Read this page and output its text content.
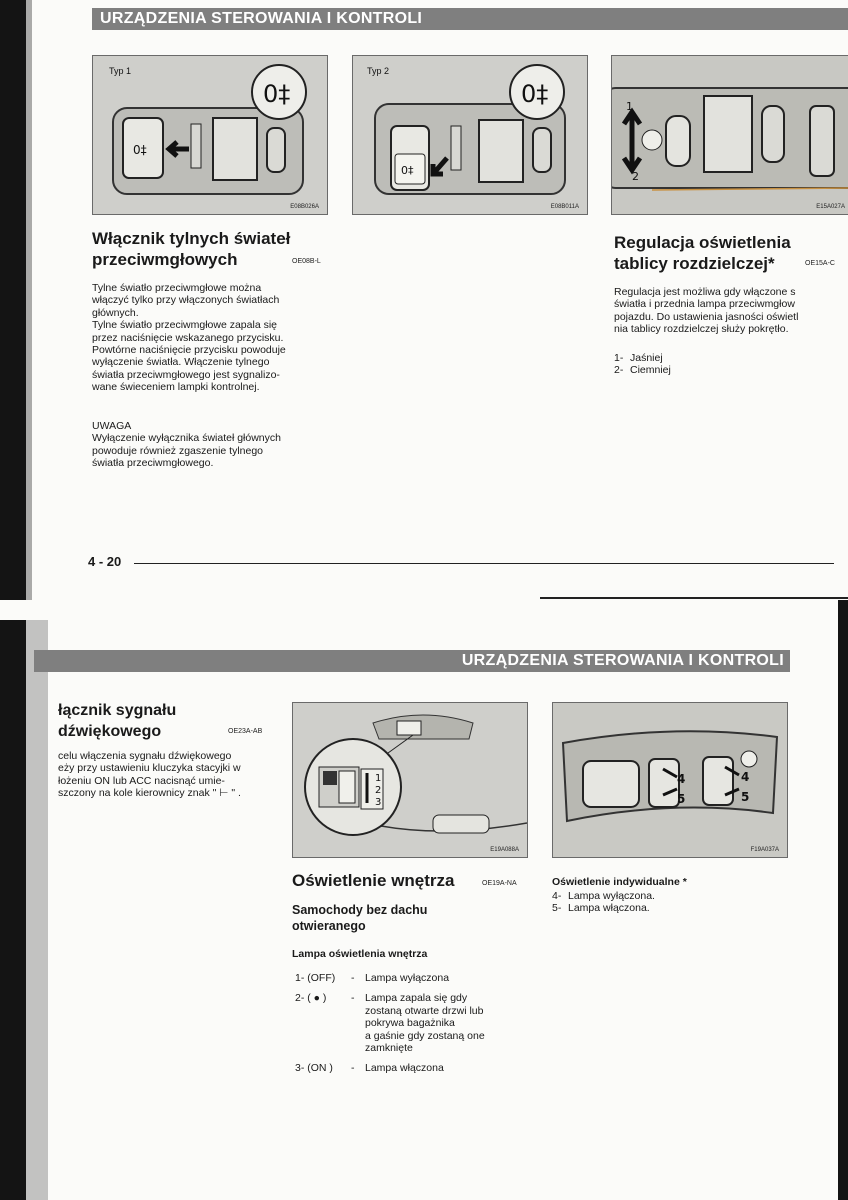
URZĄDZENIA STEROWANIA I KONTROLI
Typ 1
0‡
0‡
E08B026A
Typ 2
0‡
0‡
E08B011A
1
2
E15A027A
Włącznik tylnych świateł
przeciwmgłowych	OE08B-L
Tylne światło przeciwmgłowe można
włączyć tylko przy włączonych światłach
głównych.
Tylne światło przeciwmgłowe zapala się
przez naciśnięcie wskazanego przycisku.
Powtórne naciśnięcie przycisku powoduje
wyłączenie światła. Włączenie tylnego
światła przeciwmgłowego jest sygnalizo-
wane świeceniem lampki kontrolnej.
UWAGA
Wyłączenie wyłącznika świateł głównych
powoduje również zgaszenie tylnego
światła przeciwmgłowego.
Regulacja oświetlenia
tablicy rozdzielczej*	OE15A-C
Regulacja jest możliwa gdy włączone s
światła i przednia lampa przeciwmgłow
pojazdu. Do ustawienia jasności oświetl
nia tablicy rozdzielczej służy pokrętło.
1- Jaśniej
2- Ciemniej
4 - 20
URZĄDZENIA STEROWANIA I KONTROLI
łącznik sygnału
dźwiękowego	OE23A-AB
celu włączenia sygnału dźwiękowego
eży przy ustawieniu kluczyka stacyjki w
łożeniu ON lub ACC nacisnąć umie-
szczony na kole kierownicy znak " ⊢ " .
1
2
3
E19A088A
4
5
4
5
F19A037A
Oświetlenie wnętrza	OE19A-NA
Samochody bez dachu
otwieranego
Lampa oświetlenia wnętrza
1- (OFF)	-	Lampa wyłączona
2- ( ● )	-	Lampa zapala się gdy
zostaną otwarte drzwi lub
pokrywa bagażnika
a gaśnie gdy zostaną one
zamknięte
3- (ON )	-	Lampa włączona
Oświetlenie indywidualne *
4- Lampa wyłączona.
5- Lampa włączona.
